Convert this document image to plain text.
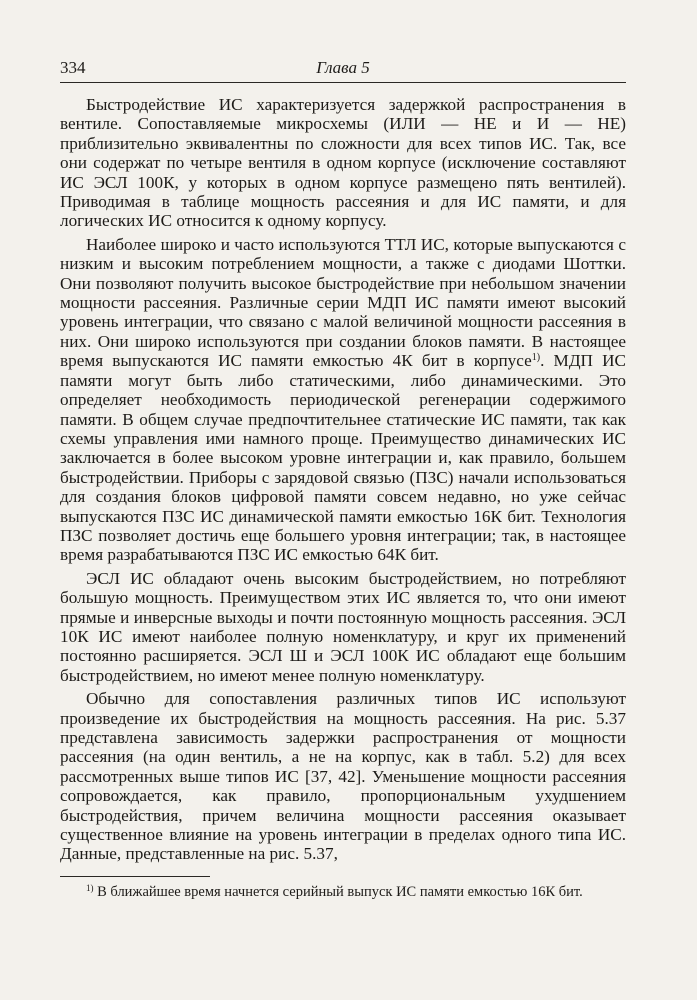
334	Глава 5

Быстродействие ИС характеризуется задержкой распространения в вентиле. Сопоставляемые микросхемы (ИЛИ — НЕ и И — НЕ) приблизительно эквивалентны по сложности для всех типов ИС. Так, все они содержат по четыре вентиля в одном корпусе (исключение составляют ИС ЭСЛ 100К, у которых в одном корпусе размещено пять вентилей). Приводимая в таблице мощность рассеяния и для ИС памяти, и для логических ИС относится к одному корпусу.

Наиболее широко и часто используются ТТЛ ИС, которые выпускаются с низким и высоким потреблением мощности, а также с диодами Шоттки. Они позволяют получить высокое быстродействие при небольшом значении мощности рассеяния. Различные серии МДП ИС памяти имеют высокий уровень интеграции, что связано с малой величиной мощности рассеяния в них. Они широко используются при создании блоков памяти. В настоящее время выпускаются ИС памяти емкостью 4К бит в корпусе$^{1)}$. МДП ИС памяти могут быть либо статическими, либо динамическими. Это определяет необходимость периодической регенерации содержимого памяти. В общем случае предпочтительнее статические ИС памяти, так как схемы управления ими намного проще. Преимущество динамических ИС заключается в более высоком уровне интеграции и, как правило, большем быстродействии. Приборы с зарядовой связью (ПЗС) начали использоваться для создания блоков цифровой памяти совсем недавно, но уже сейчас выпускаются ПЗС ИС динамической памяти емкостью 16К бит. Технология ПЗС позволяет достичь еще большего уровня интеграции; так, в настоящее время разрабатываются ПЗС ИС емкостью 64К бит.

ЭСЛ ИС обладают очень высоким быстродействием, но потребляют большую мощность. Преимуществом этих ИС является то, что они имеют прямые и инверсные выходы и почти постоянную мощность рассеяния. ЭСЛ 10К ИС имеют наиболее полную номенклатуру, и круг их применений постоянно расширяется. ЭСЛ Ш и ЭСЛ 100К ИС обладают еще большим быстродействием, но имеют менее полную номенклатуру.

Обычно для сопоставления различных типов ИС используют произведение их быстродействия на мощность рассеяния. На рис. 5.37 представлена зависимость задержки распространения от мощности рассеяния (на один вентиль, а не на корпус, как в табл. 5.2) для всех рассмотренных выше типов ИС [37, 42]. Уменьшение мощности рассеяния сопровождается, как правило, пропорциональным ухудшением быстродействия, причем величина мощности рассеяния оказывает существенное влияние на уровень интеграции в пределах одного типа ИС. Данные, представленные на рис. 5.37,

$^{1)}$ В ближайшее время начнется серийный выпуск ИС памяти емкостью 16К бит.
